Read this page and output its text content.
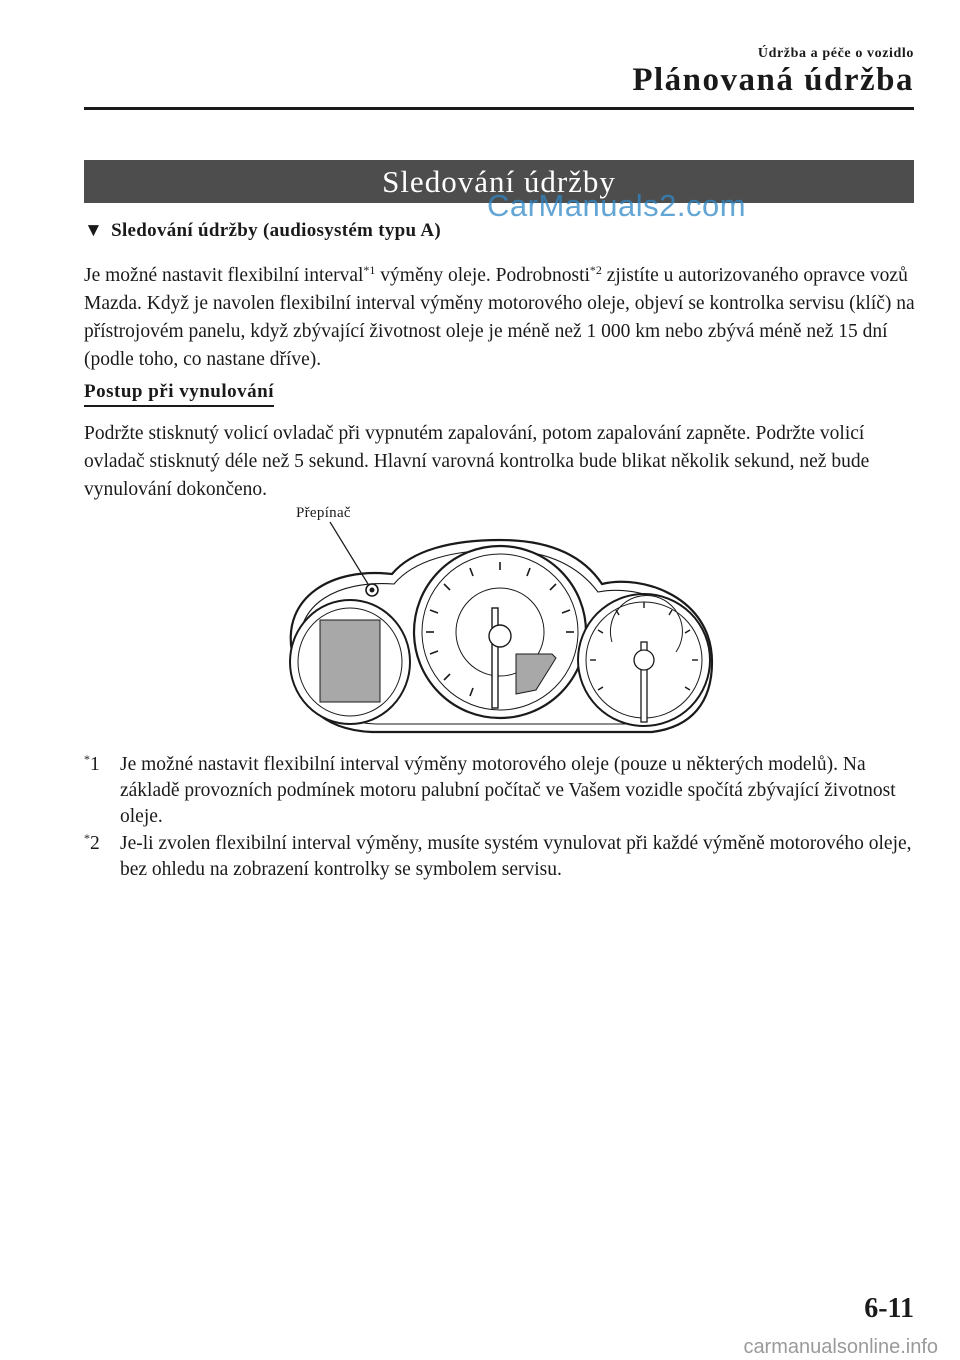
Údržba a péče o vozidlo
Plánovaná údržba
Sledování údržby
CarManuals2.com
▼ Sledování údržby (audiosystém typu A)

Je možné nastavit flexibilní interval$^{*1}$ výměny oleje. Podrobnosti$^{*2}$ zjistíte u autorizovaného opravce vozů Mazda. Když je navolen flexibilní interval výměny motorového oleje, objeví se kontrolka servisu (klíč) na přístrojovém panelu, když zbývající životnost oleje je méně než 1 000 km nebo zbývá méně než 15 dní (podle toho, co nastane dříve).

Postup při vynulování

Podržte stisknutý volicí ovladač při vypnutém zapalování, potom zapalování zapněte. Podržte volicí ovladač stisknutý déle než 5 sekund. Hlavní varovná kontrolka bude blikat několik sekund, než bude vynulování dokončeno.

Přepínač
*1 Je možné nastavit flexibilní interval výměny motorového oleje (pouze u některých modelů). Na základě provozních podmínek motoru palubní počítač ve Vašem vozidle spočítá zbývající životnost oleje.
*2 Je-li zvolen flexibilní interval výměny, musíte systém vynulovat při každé výměně motorového oleje, bez ohledu na zobrazení kontrolky se symbolem servisu.
6-11
carmanualsonline.info
